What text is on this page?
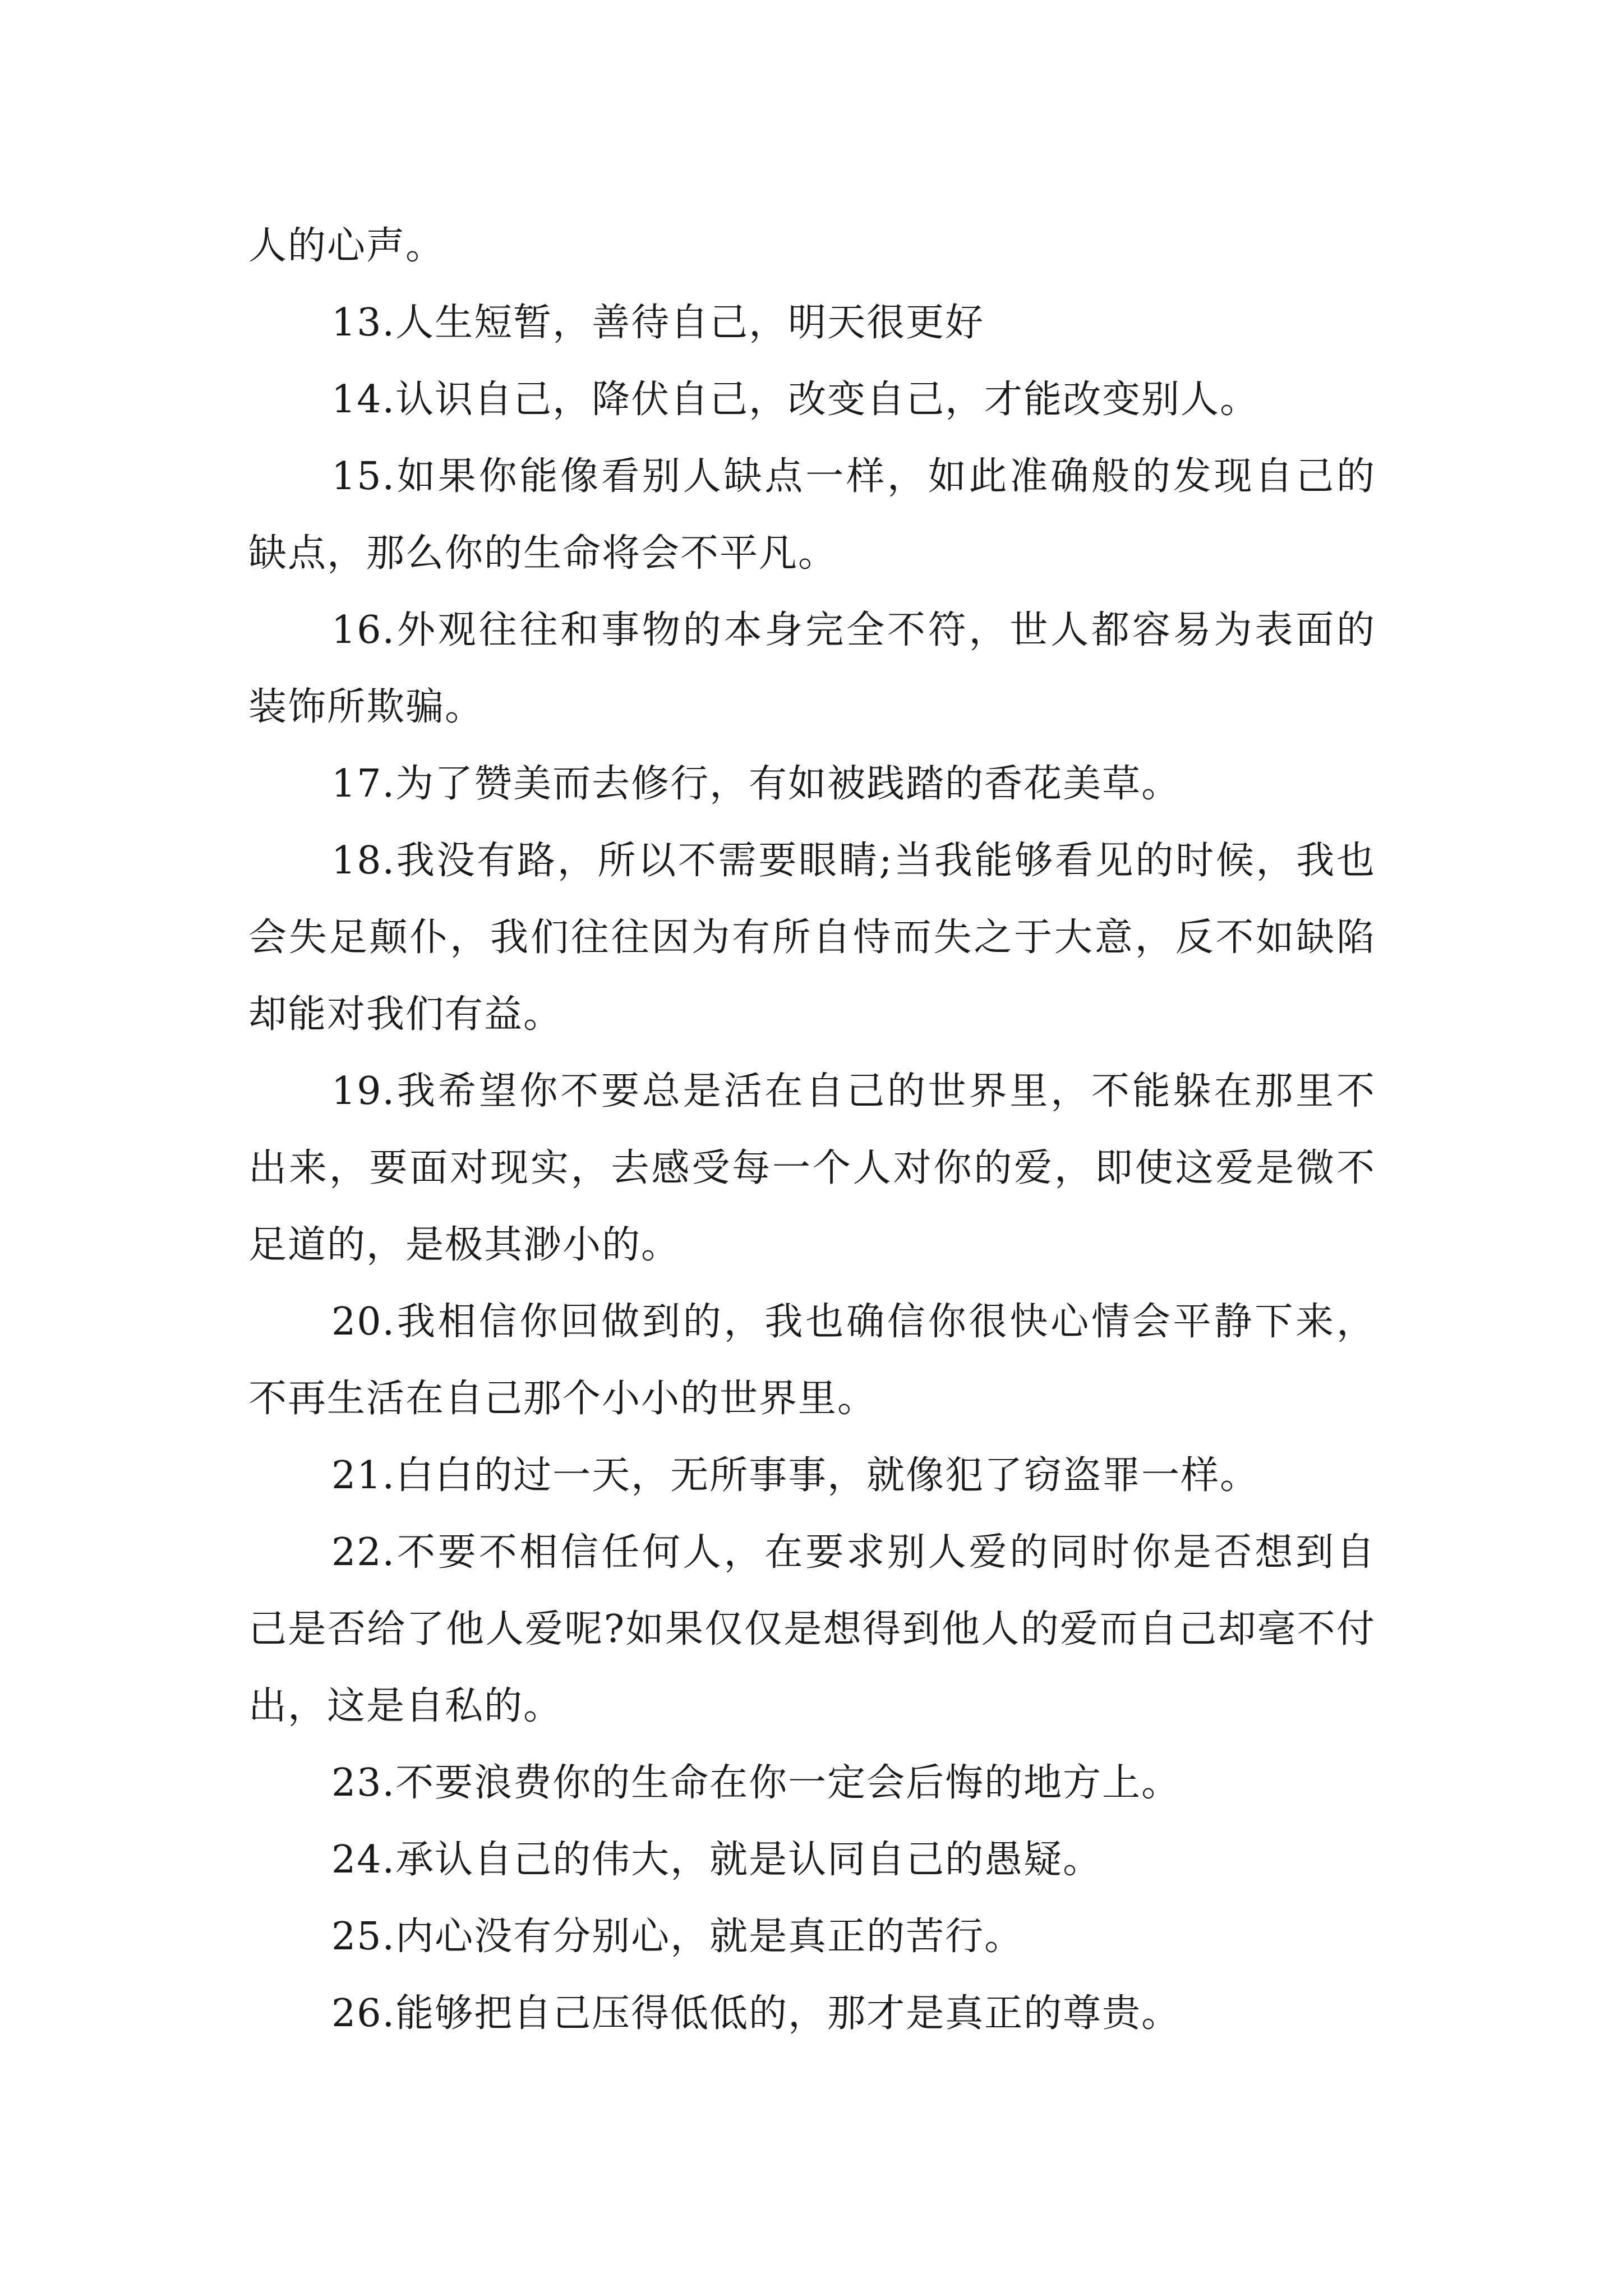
人的心声。

13.人生短暂，善待自己，明天很更好

14.认识自己，降伏自己，改变自己，才能改变别人。

15.如果你能像看别人缺点一样，如此准确般的发现自己的缺点，那么你的生命将会不平凡。

16.外观往往和事物的本身完全不符，世人都容易为表面的装饰所欺骗。

17.为了赞美而去修行，有如被践踏的香花美草。

18.我没有路，所以不需要眼睛;当我能够看见的时候，我也会失足颠仆，我们往往因为有所自恃而失之于大意，反不如缺陷却能对我们有益。

19.我希望你不要总是活在自己的世界里，不能躲在那里不出来，要面对现实，去感受每一个人对你的爱，即使这爱是微不足道的，是极其渺小的。

20.我相信你回做到的，我也确信你很快心情会平静下来，不再生活在自己那个小小的世界里。

21.白白的过一天，无所事事，就像犯了窃盗罪一样。

22.不要不相信任何人，在要求别人爱的同时你是否想到自己是否给了他人爱呢?如果仅仅是想得到他人的爱而自己却毫不付出，这是自私的。

23.不要浪费你的生命在你一定会后悔的地方上。

24.承认自己的伟大，就是认同自己的愚疑。

25.内心没有分别心，就是真正的苦行。

26.能够把自己压得低低的，那才是真正的尊贵。
